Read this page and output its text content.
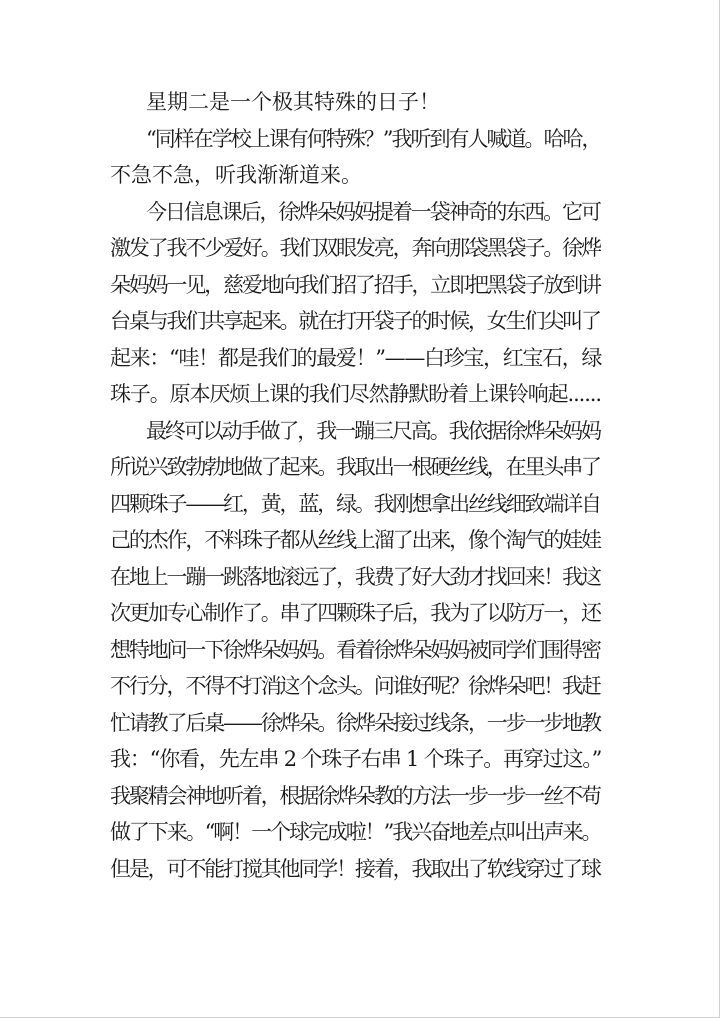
星期二是一个极其特殊的日子！
“同样在学校上课有何特殊？”我听到有人喊道。哈哈，
不急不急，听我渐渐道来。
今日信息课后，徐烨朵妈妈提着一袋神奇的东西。它可
激发了我不少爱好。我们双眼发亮，奔向那袋黑袋子。徐烨
朵妈妈一见，慈爱地向我们招了招手，立即把黑袋子放到讲
台桌与我们共享起来。就在打开袋子的时候，女生们尖叫了
起来：“哇！都是我们的最爱！”——白珍宝，红宝石，绿
珠子。原本厌烦上课的我们尽然静默盼着上课铃响起......
最终可以动手做了，我一蹦三尺高。我依据徐烨朵妈妈
所说兴致勃勃地做了起来。我取出一根硬丝线，在里头串了
四颗珠子——红，黄，蓝，绿。我刚想拿出丝线细致端详自
己的杰作，不料珠子都从丝线上溜了出来，像个淘气的娃娃
在地上一蹦一跳落地滚远了，我费了好大劲才找回来！我这
次更加专心制作了。串了四颗珠子后，我为了以防万一，还
想特地问一下徐烨朵妈妈。看着徐烨朵妈妈被同学们围得密
不行分，不得不打消这个念头。问谁好呢？徐烨朵吧！我赶
忙请教了后桌——徐烨朵。徐烨朵接过线条，一步一步地教
我：“你看，先左串 2 个珠子右串 1 个珠子。再穿过这。”
我聚精会神地听着，根据徐烨朵教的方法一步一步一丝不苟
做了下来。“啊！一个球完成啦！”我兴奋地差点叫出声来。
但是，可不能打搅其他同学！接着，我取出了软线穿过了球
